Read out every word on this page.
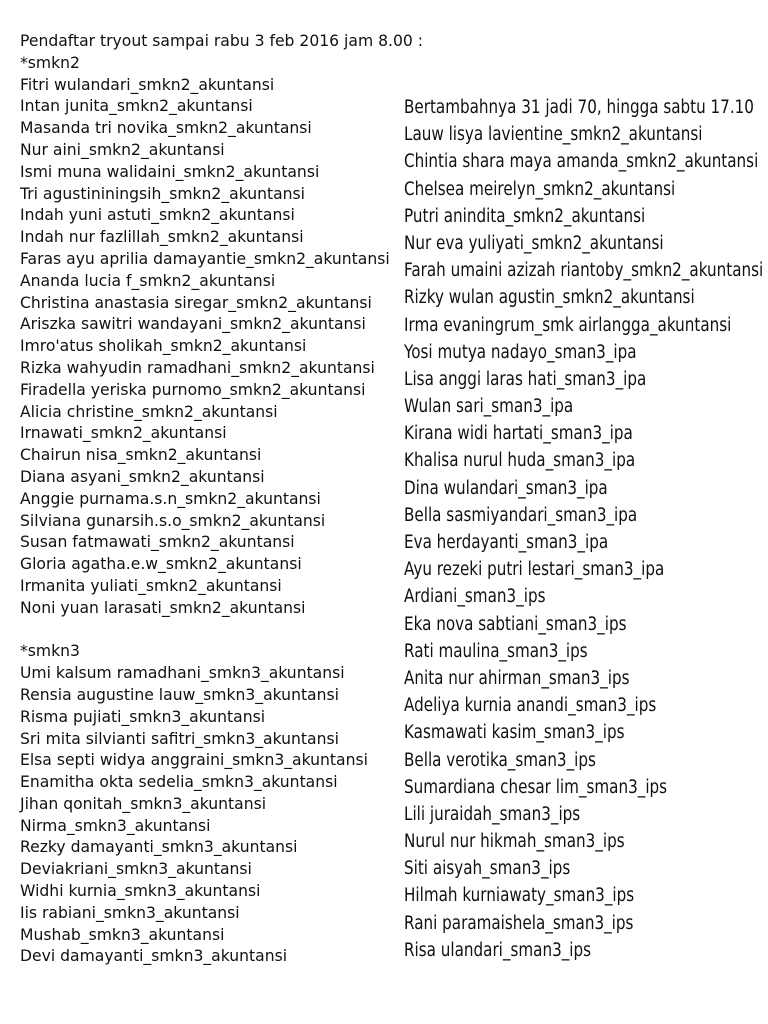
Pendaftar tryout sampai rabu 3 feb 2016 jam 8.00 :
*smkn2
Fitri wulandari_smkn2_akuntansi
Intan junita_smkn2_akuntansi
Masanda tri novika_smkn2_akuntansi
Nur aini_smkn2_akuntansi
Ismi muna walidaini_smkn2_akuntansi
Tri agustininingsih_smkn2_akuntansi
Indah yuni astuti_smkn2_akuntansi
Indah nur fazlillah_smkn2_akuntansi
Faras ayu aprilia damayantie_smkn2_akuntansi
Ananda lucia f_smkn2_akuntansi
Christina anastasia siregar_smkn2_akuntansi
Ariszka sawitri wandayani_smkn2_akuntansi
Imro'atus sholikah_smkn2_akuntansi
Rizka wahyudin ramadhani_smkn2_akuntansi
Firadella yeriska purnomo_smkn2_akuntansi
Alicia christine_smkn2_akuntansi
Irnawati_smkn2_akuntansi
Chairun nisa_smkn2_akuntansi
Diana asyani_smkn2_akuntansi
Anggie purnama.s.n_smkn2_akuntansi
Silviana gunarsih.s.o_smkn2_akuntansi
Susan fatmawati_smkn2_akuntansi
Gloria agatha.e.w_smkn2_akuntansi
Irmanita yuliati_smkn2_akuntansi
Noni yuan larasati_smkn2_akuntansi
*smkn3
Umi kalsum ramadhani_smkn3_akuntansi
Rensia augustine lauw_smkn3_akuntansi
Risma pujiati_smkn3_akuntansi
Sri mita silvianti safitri_smkn3_akuntansi
Elsa septi widya anggraini_smkn3_akuntansi
Enamitha okta sedelia_smkn3_akuntansi
Jihan qonitah_smkn3_akuntansi
Nirma_smkn3_akuntansi
Rezky damayanti_smkn3_akuntansi
Deviakriani_smkn3_akuntansi
Widhi kurnia_smkn3_akuntansi
Iis rabiani_smkn3_akuntansi
Mushab_smkn3_akuntansi
Devi damayanti_smkn3_akuntansi
Bertambahnya 31 jadi 70, hingga sabtu 17.10
Lauw lisya lavientine_smkn2_akuntansi
Chintia shara maya amanda_smkn2_akuntansi
Chelsea meirelyn_smkn2_akuntansi
Putri anindita_smkn2_akuntansi
Nur eva yuliyati_smkn2_akuntansi
Farah umaini azizah riantoby_smkn2_akuntansi
Rizky wulan agustin_smkn2_akuntansi
Irma evaningrum_smk airlangga_akuntansi
Yosi mutya nadayo_sman3_ipa
Lisa anggi laras hati_sman3_ipa
Wulan sari_sman3_ipa
Kirana widi hartati_sman3_ipa
Khalisa nurul huda_sman3_ipa
Dina wulandari_sman3_ipa
Bella sasmiyandari_sman3_ipa
Eva herdayanti_sman3_ipa
Ayu rezeki putri lestari_sman3_ipa
Ardiani_sman3_ips
Eka nova sabtiani_sman3_ips
Rati maulina_sman3_ips
Anita nur ahirman_sman3_ips
Adeliya kurnia anandi_sman3_ips
Kasmawati kasim_sman3_ips
Bella verotika_sman3_ips
Sumardiana chesar lim_sman3_ips
Lili juraidah_sman3_ips
Nurul nur hikmah_sman3_ips
Siti aisyah_sman3_ips
Hilmah kurniawaty_sman3_ips
Rani paramaishela_sman3_ips
Risa ulandari_sman3_ips
